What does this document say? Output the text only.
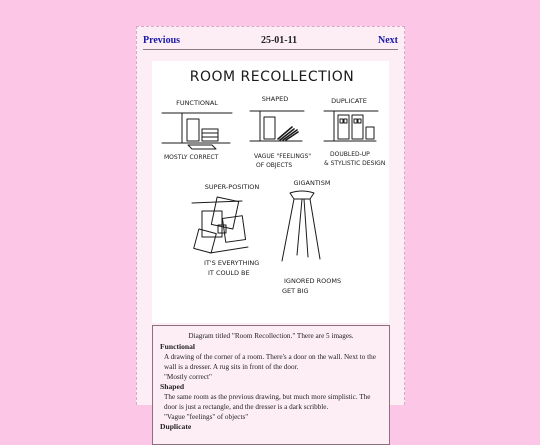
Previous	25-01-11	Next
ROOM RECOLLECTION
FUNCTIONAL
MOSTLY CORRECT
SHAPED
VAGUE "FEELINGS"
OF OBJECTS
DUPLICATE
DOUBLED-UP
& STYLISTIC DESIGN
SUPER-POSITION
IT'S EVERYTHING
IT COULD BE
GIGANTISM
IGNORED ROOMS
GET BIG
Diagram titled "Room Recollection." There are 5 images.
Functional

A drawing of the corner of a room. There's a door on the wall. Next to the wall is a dresser. A rug sits in front of the door.

"Mostly correct"

Shaped

The same room as the previous drawing, but much more simplistic. The door is just a rectangle, and the dresser is a dark scribble.

"Vague "feelings" of objects"

Duplicate
